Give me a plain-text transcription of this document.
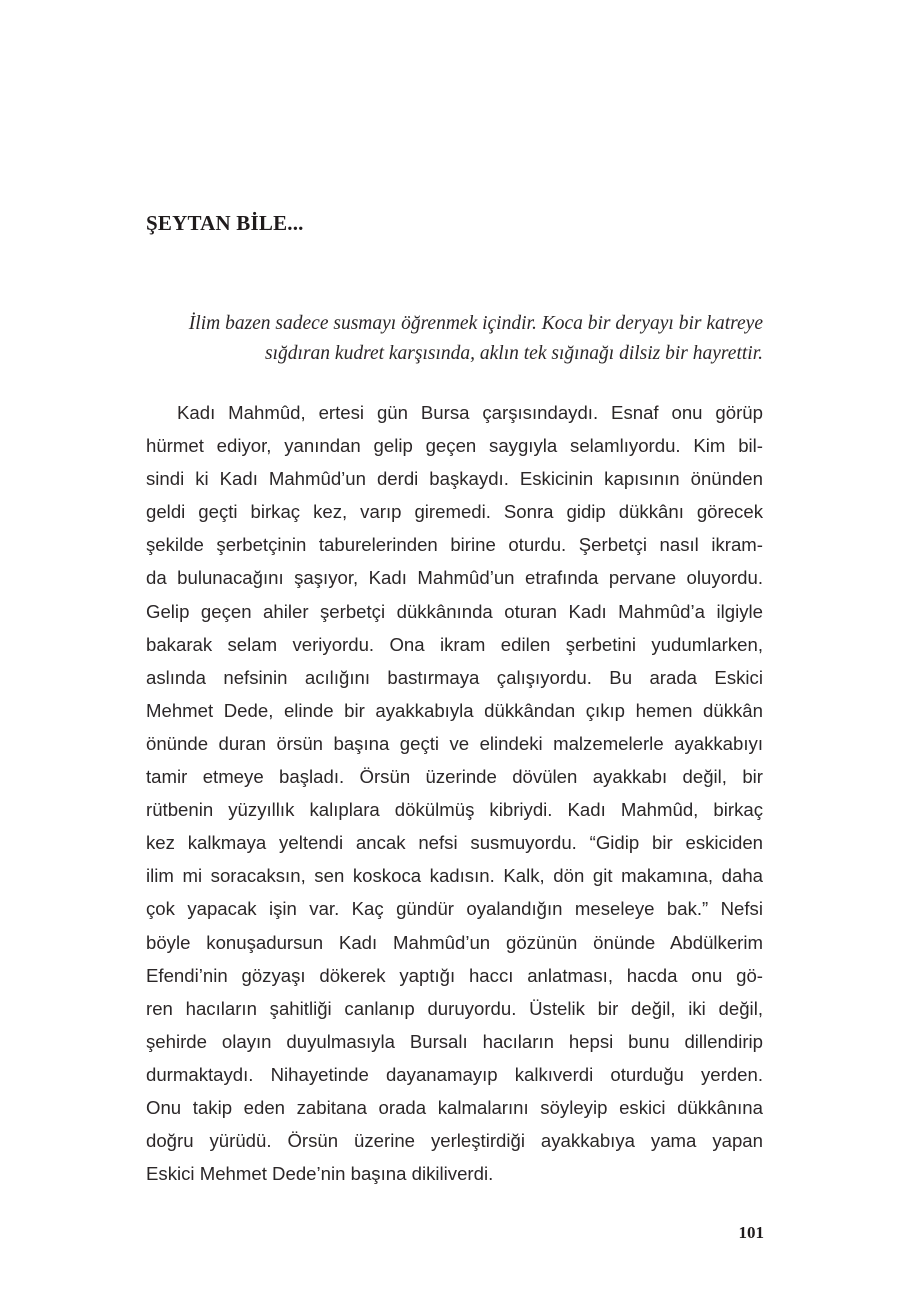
ŞEYTAN BİLE...
İlim bazen sadece susmayı öğrenmek içindir. Koca bir deryayı bir katreye
sığdıran kudret karşısında, aklın tek sığınağı dilsiz bir hayrettir.
Kadı Mahmûd, ertesi gün Bursa çarşısındaydı. Esnaf onu görüp
hürmet ediyor, yanından gelip geçen saygıyla selamlıyordu. Kim bil-
sindi ki Kadı Mahmûd’un derdi başkaydı. Eskicinin kapısının önünden
geldi geçti birkaç kez, varıp giremedi. Sonra gidip dükkânı görecek
şekilde şerbetçinin taburelerinden birine oturdu. Şerbetçi nasıl ikram-
da bulunacağını şaşıyor, Kadı Mahmûd’un etrafında pervane oluyordu.
Gelip geçen ahiler şerbetçi dükkânında oturan Kadı Mahmûd’a ilgiyle
bakarak selam veriyordu. Ona ikram edilen şerbetini yudumlarken,
aslında nefsinin acılığını bastırmaya çalışıyordu. Bu arada Eskici
Mehmet Dede, elinde bir ayakkabıyla dükkândan çıkıp hemen dükkân
önünde duran örsün başına geçti ve elindeki malzemelerle ayakkabıyı
tamir etmeye başladı. Örsün üzerinde dövülen ayakkabı değil, bir
rütbenin yüzyıllık kalıplara dökülmüş kibriydi. Kadı Mahmûd, birkaç
kez kalkmaya yeltendi ancak nefsi susmuyordu. “Gidip bir eskiciden
ilim mi soracaksın, sen koskoca kadısın. Kalk, dön git makamına, daha
çok yapacak işin var. Kaç gündür oyalandığın meseleye bak.” Nefsi
böyle konuşadursun Kadı Mahmûd’un gözünün önünde Abdülkerim
Efendi’nin gözyaşı dökerek yaptığı haccı anlatması, hacda onu gö-
ren hacıların şahitliği canlanıp duruyordu. Üstelik bir değil, iki değil,
şehirde olayın duyulmasıyla Bursalı hacıların hepsi bunu dillendirip
durmaktaydı. Nihayetinde dayanamayıp kalkıverdi oturduğu yerden.
Onu takip eden zabitana orada kalmalarını söyleyip eskici dükkânına
doğru yürüdü. Örsün üzerine yerleştirdiği ayakkabıya yama yapan
Eskici Mehmet Dede’nin başına dikiliverdi.
101
